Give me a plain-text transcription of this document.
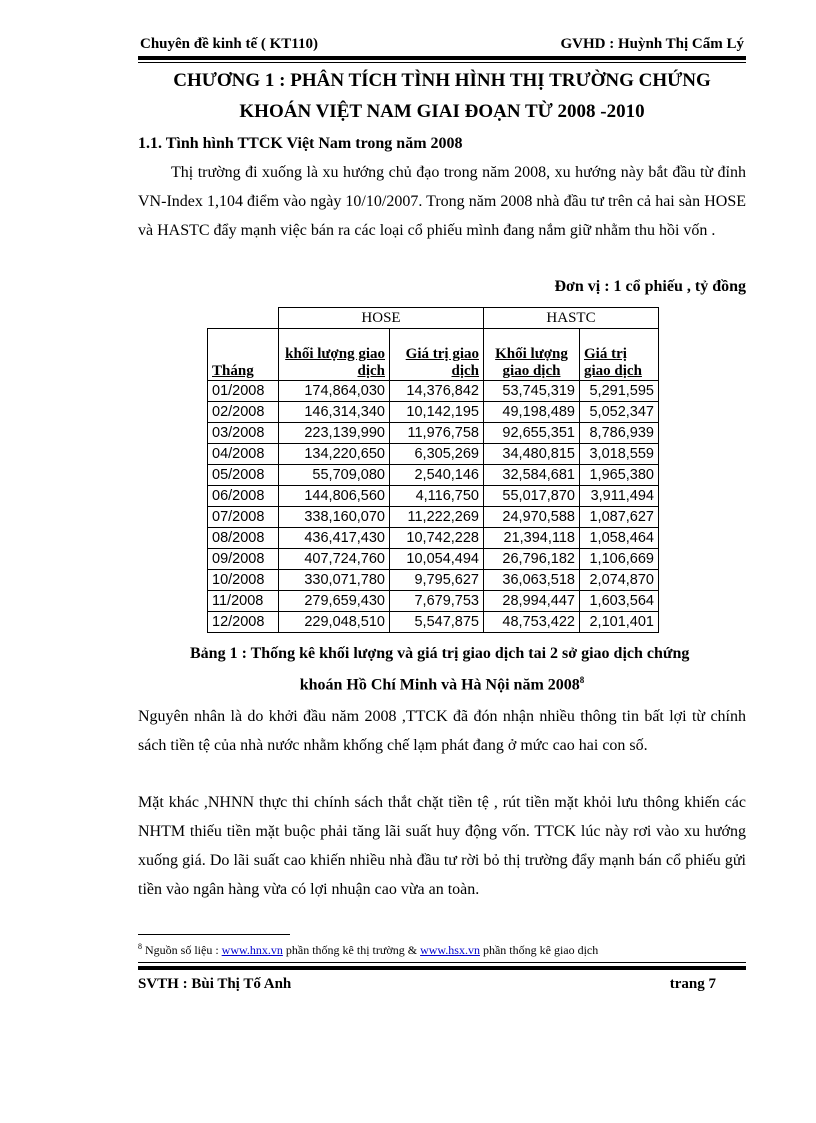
Chuyên đề kinh tế ( KT110)	GVHD : Huỳnh Thị Cẩm Lý
CHƯƠNG 1 : PHÂN TÍCH TÌNH HÌNH THỊ TRƯỜNG CHỨNG
KHOÁN VIỆT NAM GIAI ĐOẠN TỪ 2008 -2010
1.1. Tình hình TTCK Việt Nam trong năm 2008
Thị trường đi xuống là xu hướng chủ đạo trong năm 2008, xu hướng này bắt đầu từ đỉnh VN-Index 1,104 điểm vào ngày 10/10/2007. Trong năm 2008 nhà đầu tư trên cả hai sàn HOSE và HASTC đẩy mạnh việc bán ra các loại cổ phiếu mình đang nắm giữ nhằm thu hồi vốn .
Đơn vị : 1 cổ phiếu , tỷ đồng
	HOSE		HASTC	
Tháng	khối lượng giao dịch	Giá trị giao dịch	Khối lượng giao dịch	Giá trị giao dịch
01/2008	174,864,030	14,376,842	53,745,319	5,291,595
02/2008	146,314,340	10,142,195	49,198,489	5,052,347
03/2008	223,139,990	11,976,758	92,655,351	8,786,939
04/2008	134,220,650	6,305,269	34,480,815	3,018,559
05/2008	55,709,080	2,540,146	32,584,681	1,965,380
06/2008	144,806,560	4,116,750	55,017,870	3,911,494
07/2008	338,160,070	11,222,269	24,970,588	1,087,627
08/2008	436,417,430	10,742,228	21,394,118	1,058,464
09/2008	407,724,760	10,054,494	26,796,182	1,106,669
10/2008	330,071,780	9,795,627	36,063,518	2,074,870
11/2008	279,659,430	7,679,753	28,994,447	1,603,564
12/2008	229,048,510	5,547,875	48,753,422	2,101,401
Bảng 1 : Thống kê khối lượng và giá trị giao dịch tai 2 sở giao dịch chứng
khoán Hồ Chí Minh và Hà Nội năm 2008$^8$
Nguyên nhân là do khởi đầu năm 2008 ,TTCK đã đón nhận nhiều thông tin bất lợi từ chính sách tiền tệ của nhà nước nhằm khống chế lạm phát đang ở mức cao hai con số.
Mặt khác ,NHNN thực thi chính sách thắt chặt tiền tệ , rút tiền mặt khỏi lưu thông khiến các NHTM thiếu tiền mặt buộc phải tăng lãi suất huy động vốn. TTCK lúc này rơi vào xu hướng xuống giá. Do lãi suất cao khiến nhiều nhà đầu tư rời bỏ thị trường đẩy mạnh bán cổ phiếu gửi tiền vào ngân hàng vừa có lợi nhuận cao vừa an toàn.
$^8$ Nguồn số liệu : www.hnx.vn phần thống kê thị trường & www.hsx.vn phần thống kê giao dịch
SVTH : Bùi Thị Tố Anh	trang 7
